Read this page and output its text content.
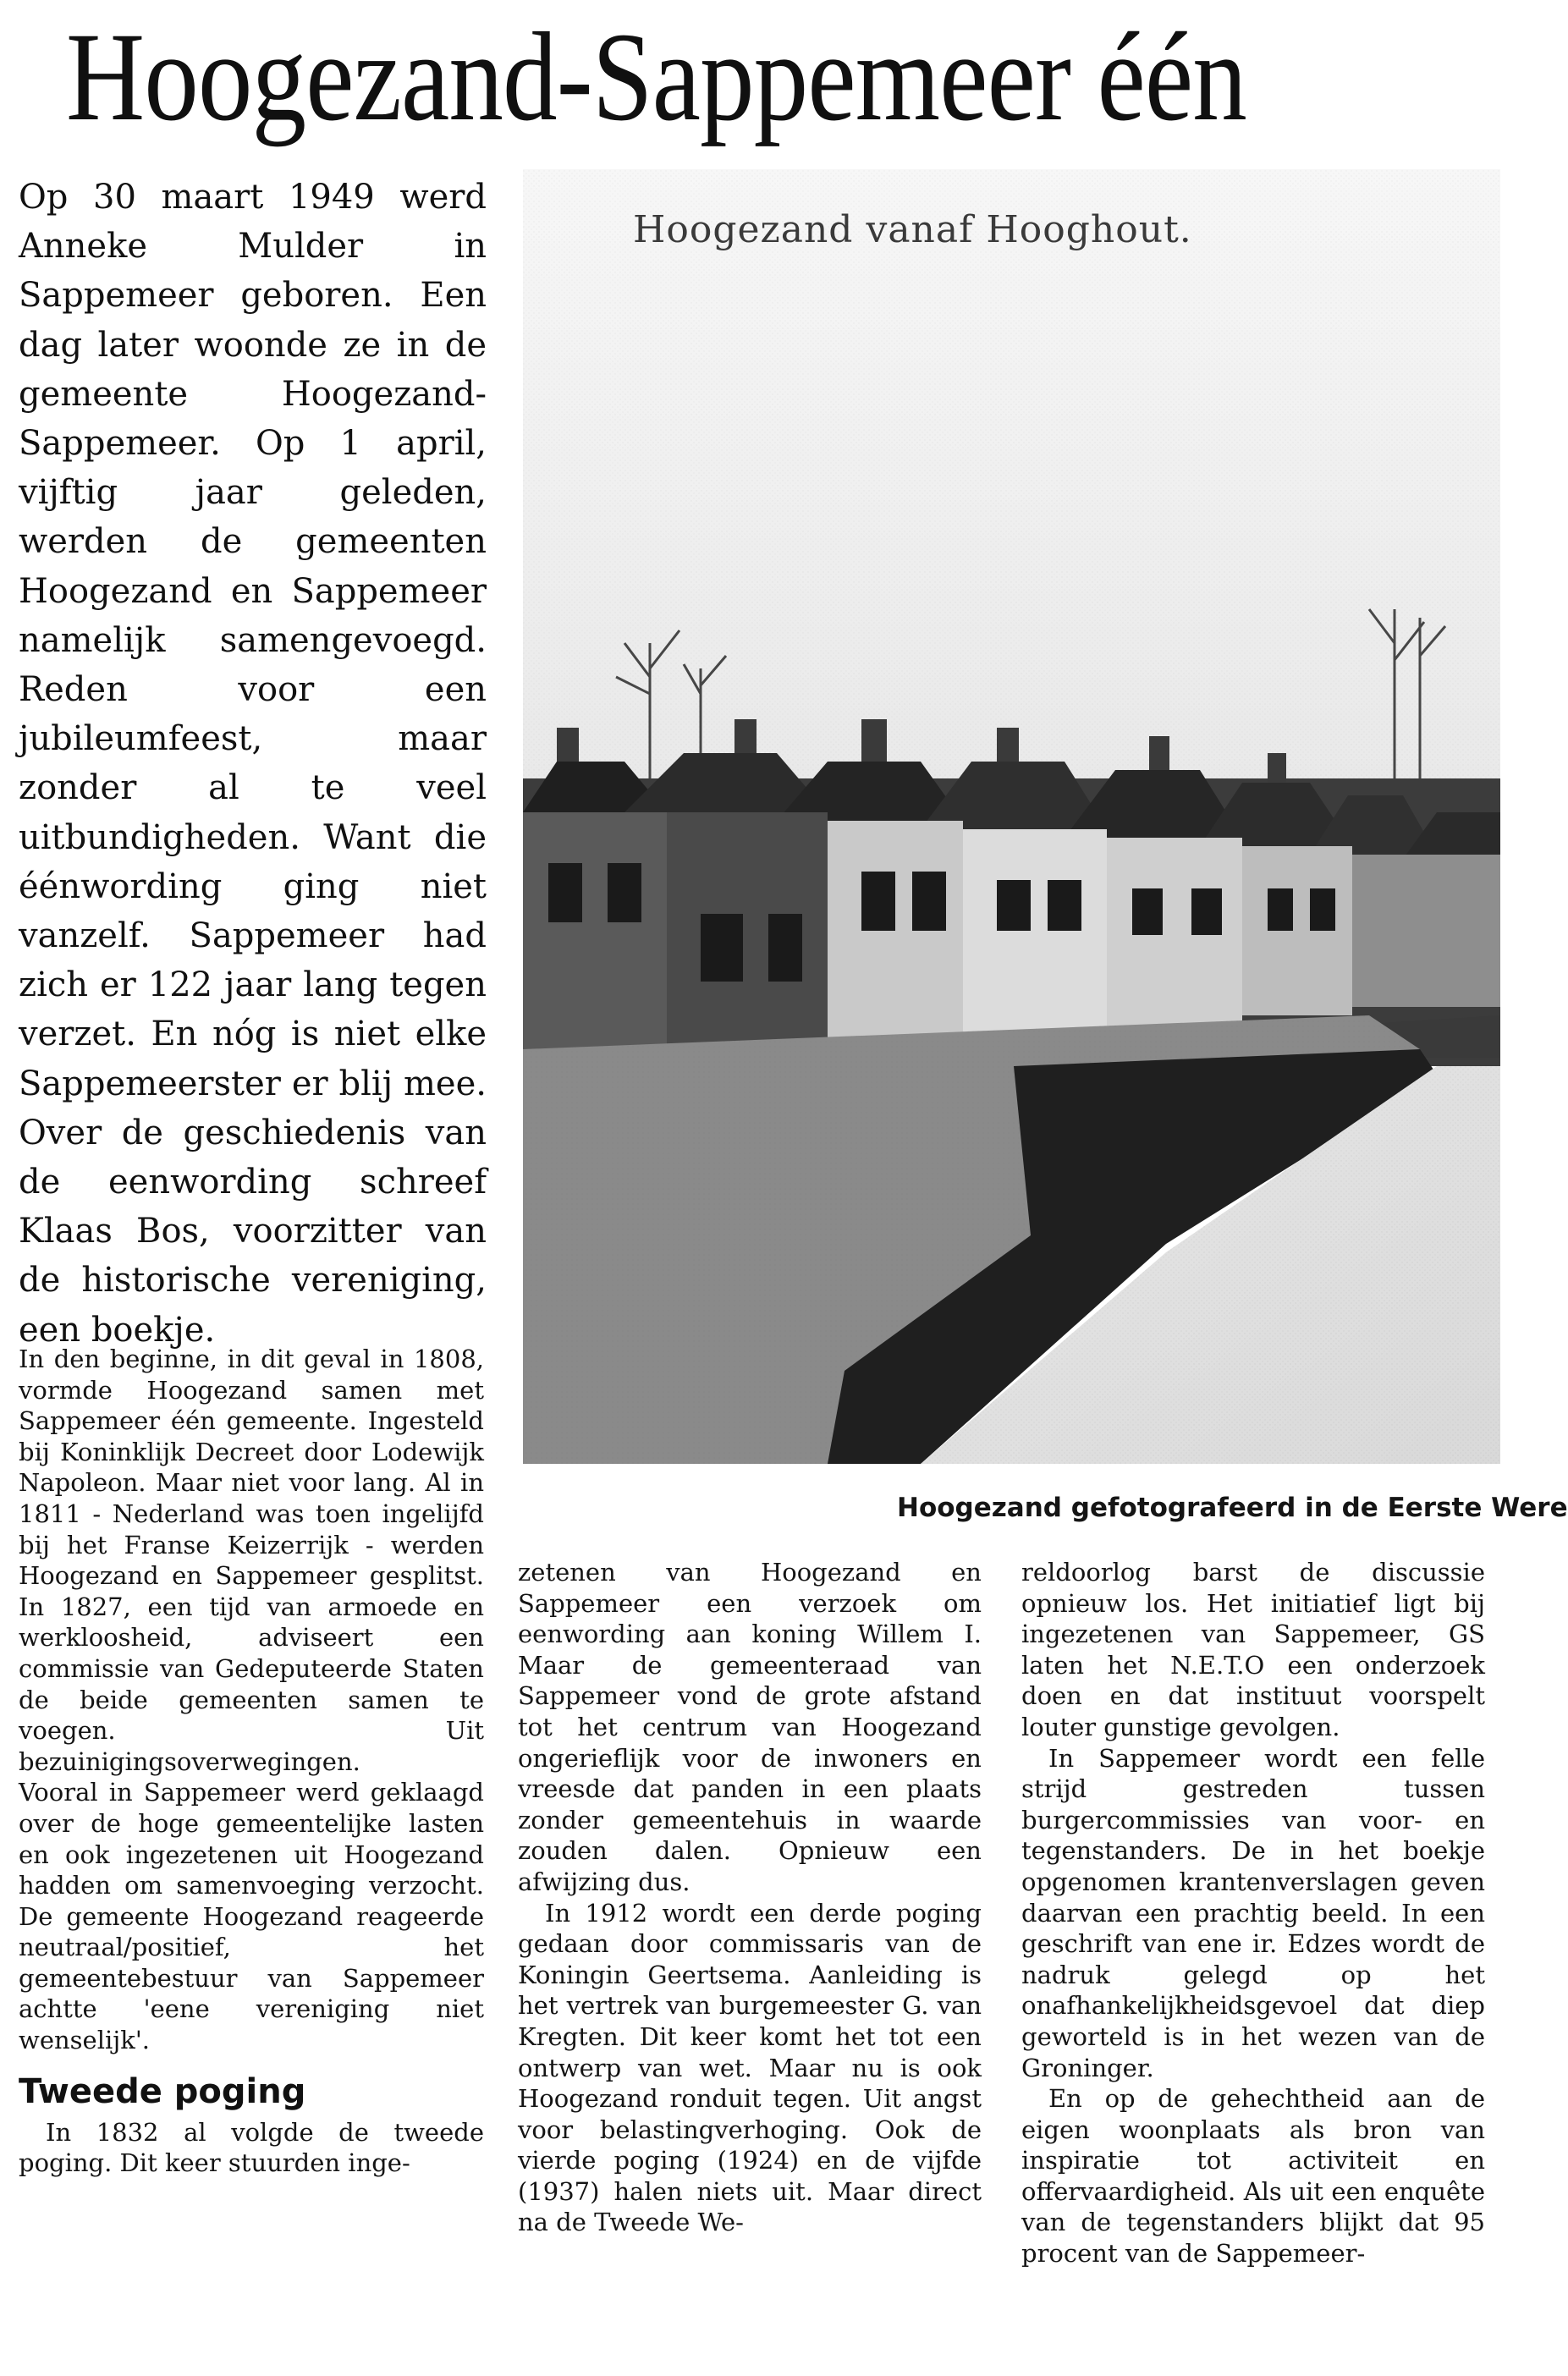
Hoogezand-Sappemeer één
Op 30 maart 1949 werd Anneke Mulder in Sappemeer geboren. Een dag later woonde ze in de gemeente Hoogezand-Sappemeer. Op 1 april, vijftig jaar geleden, werden de gemeenten Hoogezand en Sappemeer namelijk samengevoegd. Reden voor een jubileumfeest, maar zonder al te veel uitbundigheden. Want die éénwording ging niet vanzelf. Sappemeer had zich er 122 jaar lang tegen verzet. En nóg is niet elke Sappemeerster er blij mee. Over de geschiedenis van de eenwording schreef Klaas Bos, voorzitter van de historische vereniging, een boekje.
Hoogezand vanaf Hooghout.
Hoogezand gefotografeerd in de Eerste Were

In den beginne, in dit geval in 1808, vormde Hoogezand samen met Sappemeer één gemeente. Ingesteld bij Koninklijk Decreet door Lodewijk Napoleon. Maar niet voor lang. Al in 1811 - Nederland was toen ingelijfd bij het Franse Keizerrijk - werden Hoogezand en Sappemeer gesplitst. In 1827, een tijd van armoede en werkloosheid, adviseert een commissie van Gedeputeerde Staten de beide gemeenten samen te voegen. Uit bezuinigingsoverwegingen.

Vooral in Sappemeer werd geklaagd over de hoge gemeentelijke lasten en ook ingezetenen uit Hoogezand hadden om samenvoeging verzocht. De gemeente Hoogezand reageerde neutraal/positief, het gemeentebestuur van Sappemeer achtte 'eene vereniging niet wenselijk'.

Tweede poging

In 1832 al volgde de tweede poging. Dit keer stuurden inge-

zetenen van Hoogezand en Sappemeer een verzoek om eenwording aan koning Willem I. Maar de gemeenteraad van Sappemeer vond de grote afstand tot het centrum van Hoogezand ongerieflijk voor de inwoners en vreesde dat panden in een plaats zonder gemeentehuis in waarde zouden dalen. Opnieuw een afwijzing dus.

In 1912 wordt een derde poging gedaan door commissaris van de Koningin Geertsema. Aanleiding is het vertrek van burgemeester G. van Kregten. Dit keer komt het tot een ontwerp van wet. Maar nu is ook Hoogezand ronduit tegen. Uit angst voor belastingverhoging. Ook de vierde poging (1924) en de vijfde (1937) halen niets uit. Maar direct na de Tweede We-

reldoorlog barst de discussie opnieuw los. Het initiatief ligt bij ingezetenen van Sappemeer, GS laten het N.E.T.O een onderzoek doen en dat instituut voorspelt louter gunstige gevolgen.

In Sappemeer wordt een felle strijd gestreden tussen burgercommissies van voor- en tegenstanders. De in het boekje opgenomen krantenverslagen geven daarvan een prachtig beeld. In een geschrift van ene ir. Edzes wordt de nadruk gelegd op het onafhankelijkheidsgevoel dat diep geworteld is in het wezen van de Groninger.

En op de gehechtheid aan de eigen woonplaats als bron van inspiratie tot activiteit en offervaardigheid. Als uit een enquête van de tegenstanders blijkt dat 95 procent van de Sappemeer-
